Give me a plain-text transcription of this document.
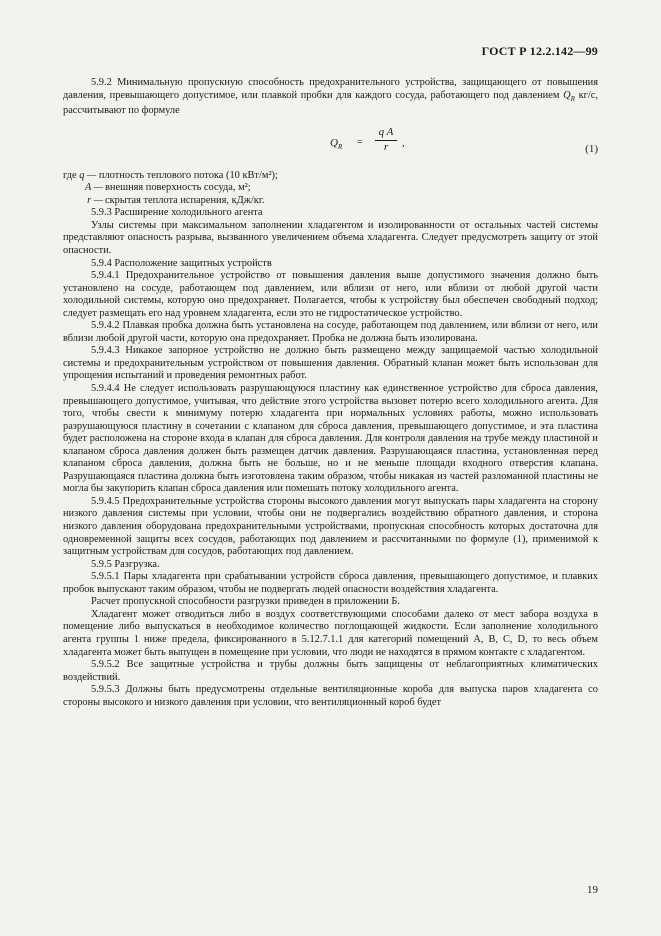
ГОСТ Р 12.2.142—99

5.9.2 Минимальную пропускную способность предохранительного устройства, защищающего от повышения давления, превышающего допустимое, или плавкой пробки для каждого сосуда, работающего под давлением $Q_R$ кг/с, рассчитывают по формуле

$Q_R = \frac{\text{q A}}{r}$ ,	(1)
где q — плотность теплового потока (10 кВт/м²);
A — внешняя поверхность сосуда, м²;
r — скрытая теплота испарения, кДж/кг.

5.9.3 Расширение холодильного агента

Узлы системы при максимальном заполнении хладагентом и изолированности от остальных частей системы представляют опасность разрыва, вызванного увеличением объема хладагента. Следует предусмотреть защиту от этой опасности.

5.9.4 Расположение защитных устройств

5.9.4.1 Предохранительное устройство от повышения давления выше допустимого значения должно быть установлено на сосуде, работающем под давлением, или вблизи от него, или вблизи от любой другой части холодильной системы, которую оно предохраняет. Полагается, чтобы к устройству был обеспечен свободный подход; следует размещать его над уровнем хладагента, если это не гидростатическое устройство.

5.9.4.2 Плавкая пробка должна быть установлена на сосуде, работающем под давлением, или вблизи от него, или вблизи любой другой части, которую она предохраняет. Пробка не должна быть изолирована.

5.9.4.3 Никакое запорное устройство не должно быть размещено между защищаемой частью холодильной системы и предохранительным устройством от повышения давления. Обратный клапан может быть использован для упрощения испытаний и проведения ремонтных работ.

5.9.4.4 Не следует использовать разрушающуюся пластину как единственное устройство для сброса давления, превышающего допустимое, учитывая, что действие этого устройства вызовет потерю всего холодильного агента. Для того, чтобы свести к минимуму потерю хладагента при нормальных условиях работы, можно использовать разрушающуюся пластину в сочетании с клапаном для сброса давления, превышающего допустимое, и эта пластина будет расположена на стороне входа в клапан для сброса давления. Для контроля давления на трубе между пластиной и клапаном сброса давления должен быть размещен датчик давления. Разрушающаяся пластина, установленная перед клапаном сброса давления, должна быть не больше, но и не меньше площади входного отверстия клапана. Разрушающаяся пластина должна быть изготовлена таким образом, чтобы никакая из частей разломанной пластины не могла бы закупорить клапан сброса давления или помешать потоку холодильного агента.

5.9.4.5 Предохранительные устройства стороны высокого давления могут выпускать пары хладагента на сторону низкого давления системы при условии, чтобы они не подвергались воздействию обратного давления, и сторона низкого давления оборудована предохранительными устройствами, пропускная способность которых достаточна для одновременной защиты всех сосудов, работающих под давлением и рассчитанными по формуле (1), применимой к защитным устройствам для сосудов, работающих под давлением.

5.9.5 Разгрузка.

5.9.5.1 Пары хладагента при срабатывании устройств сброса давления, превышающего допустимое, и плавких пробок выпускают таким образом, чтобы не подвергать людей опасности воздействия хладагента.

Расчет пропускной способности разгрузки приведен в приложении Б.

Хладагент может отводиться либо в воздух соответствующими способами далеко от мест забора воздуха в помещение либо выпускаться в необходимое количество поглощающей жидкости. Если заполнение холодильного агента группы 1 ниже предела, фиксированного в 5.12.7.1.1 для категорий помещений А, В, С, D, то весь объем хладагента может быть выпущен в помещение при условии, что люди не находятся в прямом контакте с хладагентом.

5.9.5.2 Все защитные устройства и трубы должны быть защищены от неблагоприятных климатических воздействий.

5.9.5.3 Должны быть предусмотрены отдельные вентиляционные короба для выпуска паров хладагента со стороны высокого и низкого давления при условии, что вентиляционный короб будет

19
